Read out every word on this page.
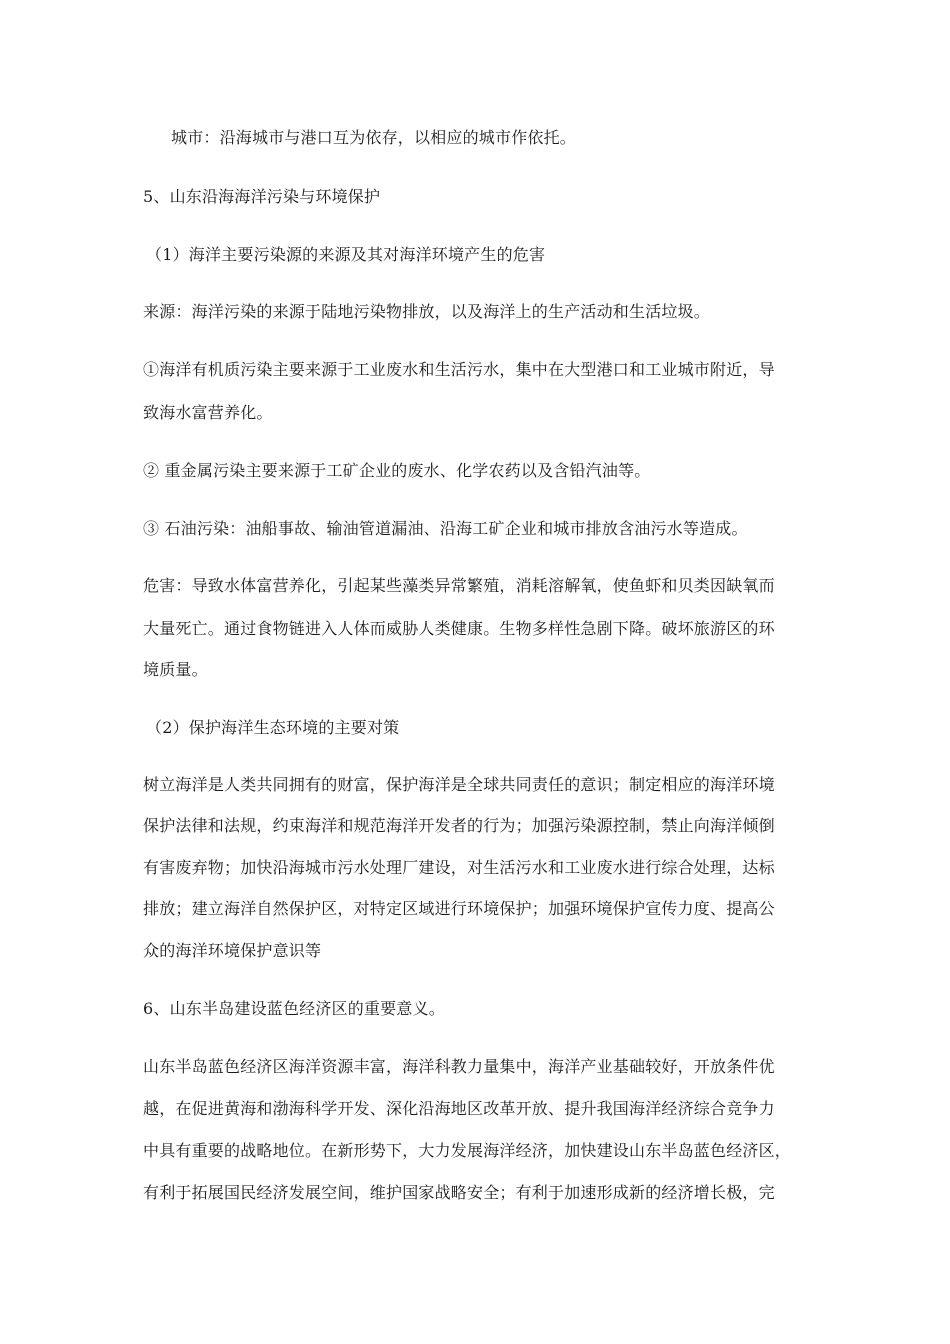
城市：沿海城市与港口互为依存，以相应的城市作依托。
5、山东沿海海洋污染与环境保护
（1）海洋主要污染源的来源及其对海洋环境产生的危害
来源：海洋污染的来源于陆地污染物排放，以及海洋上的生产活动和生活垃圾。
①海洋有机质污染主要来源于工业废水和生活污水，集中在大型港口和工业城市附近，导
致海水富营养化。
② 重金属污染主要来源于工矿企业的废水、化学农药以及含铅汽油等。
③ 石油污染：油船事故、输油管道漏油、沿海工矿企业和城市排放含油污水等造成。
危害：导致水体富营养化，引起某些藻类异常繁殖，消耗溶解氧，使鱼虾和贝类因缺氧而
大量死亡。通过食物链进入人体而威胁人类健康。生物多样性急剧下降。破坏旅游区的环
境质量。
（2）保护海洋生态环境的主要对策
树立海洋是人类共同拥有的财富，保护海洋是全球共同责任的意识；制定相应的海洋环境
保护法律和法规，约束海洋和规范海洋开发者的行为；加强污染源控制，禁止向海洋倾倒
有害废弃物；加快沿海城市污水处理厂建设，对生活污水和工业废水进行综合处理，达标
排放；建立海洋自然保护区，对特定区域进行环境保护；加强环境保护宣传力度、提高公
众的海洋环境保护意识等
6、山东半岛建设蓝色经济区的重要意义。
山东半岛蓝色经济区海洋资源丰富，海洋科教力量集中，海洋产业基础较好，开放条件优
越，在促进黄海和渤海科学开发、深化沿海地区改革开放、提升我国海洋经济综合竞争力
中具有重要的战略地位。在新形势下，大力发展海洋经济，加快建设山东半岛蓝色经济区，
有利于拓展国民经济发展空间，维护国家战略安全；有利于加速形成新的经济增长极，完
